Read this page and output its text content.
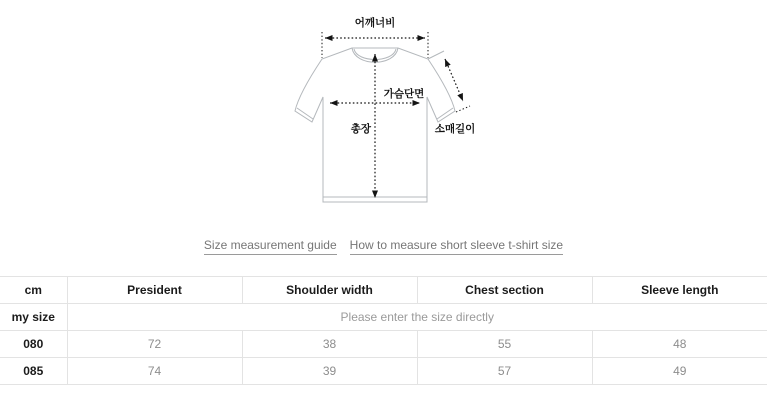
어깨너비
가슴단면
총장	소매길이
Size measurement guide How to measure short sleeve t-shirt size
cm	President	Shoulder width	Chest section	Sleeve length
my size	Please enter the size directly			
080	72	38	55	48
085	74	39	57	49
